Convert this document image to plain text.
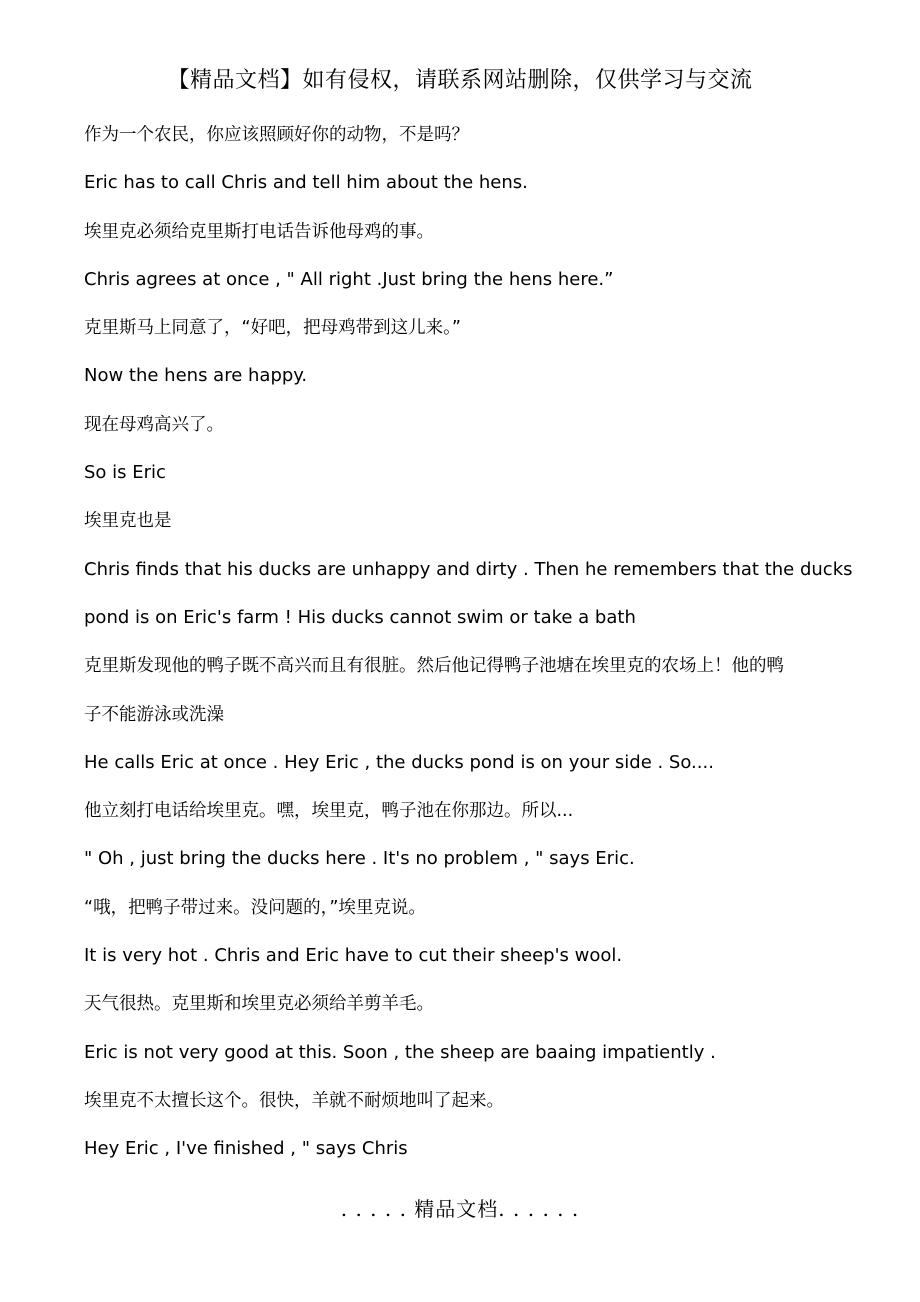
【精品文档】如有侵权，请联系网站删除，仅供学习与交流
作为一个农民，你应该照顾好你的动物，不是吗？
Eric has to call Chris and tell him about the hens.
埃里克必须给克里斯打电话告诉他母鸡的事。
Chris agrees at once , " All right .Just bring the hens here.”
克里斯马上同意了，“好吧，把母鸡带到这儿来。”
Now the hens are happy.
现在母鸡高兴了。
So is Eric
埃里克也是
Chris finds that his ducks are unhappy and dirty . Then he remembers that the ducks
pond is on Eric's farm ! His ducks cannot swim or take a bath
克里斯发现他的鸭子既不高兴而且有很脏。然后他记得鸭子池塘在埃里克的农场上！他的鸭
子不能游泳或洗澡
He calls Eric at once . Hey Eric , the ducks pond is on your side . So....
他立刻打电话给埃里克。嘿，埃里克，鸭子池在你那边。所以...
" Oh , just bring the ducks here . It's no problem , " says Eric.
“哦，把鸭子带过来。没问题的，”埃里克说。
It is very hot . Chris and Eric have to cut their sheep's wool.
天气很热。克里斯和埃里克必须给羊剪羊毛。
Eric is not very good at this. Soon , the sheep are baaing impatiently .
埃里克不太擅长这个。很快，羊就不耐烦地叫了起来。
Hey Eric , I've finished , " says Chris
. . . . . 精品文档. . . . . .
